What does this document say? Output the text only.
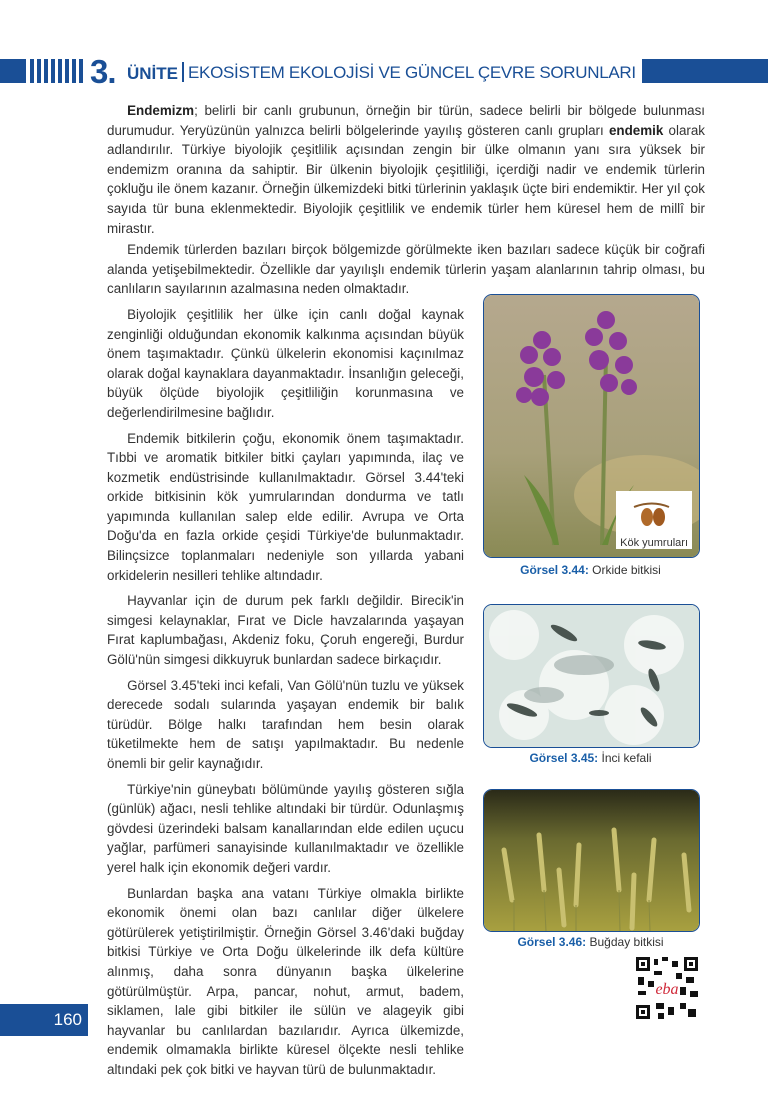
3. ÜNİTE EKOSİSTEM EKOLOJİSİ VE GÜNCEL ÇEVRE SORUNLARI

  Endemizm; belirli bir canlı grubunun, örneğin bir türün, sadece belirli bir bölgede bulunması durumudur. Yeryüzünün yalnızca belirli bölgelerinde yayılış gösteren canlı grupları endemik olarak adlandırılır. Türkiye biyolojik çeşitlilik açısından zengin bir ülke olmanın yanı sıra yüksek bir endemizm oranına da sahiptir. Bir ülkenin biyolojik çeşitliliği, içerdiği nadir ve endemik türlerin çokluğu ile önem kazanır. Örneğin ülkemizdeki bitki türlerinin yaklaşık üçte biri endemiktir. Her yıl çok sayıda tür buna eklenmektedir. Biyolojik çeşitlilik ve endemik türler hem küresel hem de millî bir mirastır.

  Endemik türlerden bazıları birçok bölgemizde görülmekte iken bazıları sadece küçük bir coğrafi alanda yetişebilmektedir. Özellikle dar yayılışlı endemik türlerin yaşam alanlarının tahrip olması, bu canlıların sayılarının azalmasına neden olmaktadır.

  Biyolojik çeşitlilik her ülke için canlı doğal kaynak zenginliği olduğundan ekonomik kalkınma açısından büyük önem taşımaktadır. Çünkü ülkelerin ekonomisi kaçınılmaz olarak doğal kaynaklara dayanmaktadır. İnsanlığın geleceği, büyük ölçüde biyolojik çeşitliliğin korunmasına ve değerlendirilmesine bağlıdır.

  Endemik bitkilerin çoğu, ekonomik önem taşımaktadır. Tıbbi ve aromatik bitkiler bitki çayları yapımında, ilaç ve kozmetik endüstrisinde kullanılmaktadır. Görsel 3.44'teki orkide bitkisinin kök yumrularından dondurma ve tatlı yapımında kullanılan salep elde edilir. Avrupa ve Orta Doğu'da en fazla orkide çeşidi Türkiye'de bulunmaktadır. Bilinçsizce toplanmaları nedeniyle son yıllarda yabani orkidelerin nesilleri tehlike altındadır.

  Hayvanlar için de durum pek farklı değildir. Birecik'in simgesi kelaynaklar, Fırat ve Dicle havzalarında yaşayan Fırat kaplumbağası, Akdeniz foku, Çoruh engereği, Burdur Gölü'nün simgesi dikkuyruk bunlardan sadece birkaçıdır.

  Görsel 3.45'teki inci kefali, Van Gölü'nün tuzlu ve yüksek derecede sodalı sularında yaşayan endemik bir balık türüdür. Bölge halkı tarafından hem besin olarak tüketilmekte hem de satışı yapılmaktadır. Bu nedenle önemli bir gelir kaynağıdır.

  Türkiye'nin güneybatı bölümünde yayılış gösteren sığla (günlük) ağacı, nesli tehlike altındaki bir türdür. Odunlaşmış gövdesi üzerindeki balsam kanallarından elde edilen uçucu yağlar, parfümeri sanayisinde kullanılmaktadır ve özellikle yerel halk için ekonomik değeri vardır.

  Bunlardan başka ana vatanı Türkiye olmakla birlikte ekonomik önemi olan bazı canlılar diğer ülkelere götürülerek yetiştirilmiştir. Örneğin Görsel 3.46'daki buğday bitkisi Türkiye ve Orta Doğu ülkelerinde ilk defa kültüre alınmış, daha sonra dünyanın başka ülkelerine götürülmüştür. Arpa, pancar, nohut, armut, badem, siklamen, lale gibi bitkiler ile sülün ve alageyik gibi hayvanlar bu canlılardan bazılarıdır. Ayrıca ülkemizde, endemik olmamakla birlikte küresel ölçekte nesli tehlike altındaki pek çok bitki ve hayvan türü de bulunmaktadır.

Kök yumruları
Görsel 3.44: Orkide bitkisi
Görsel 3.45: İnci kefali
Görsel 3.46: Buğday bitkisi
eba
160
